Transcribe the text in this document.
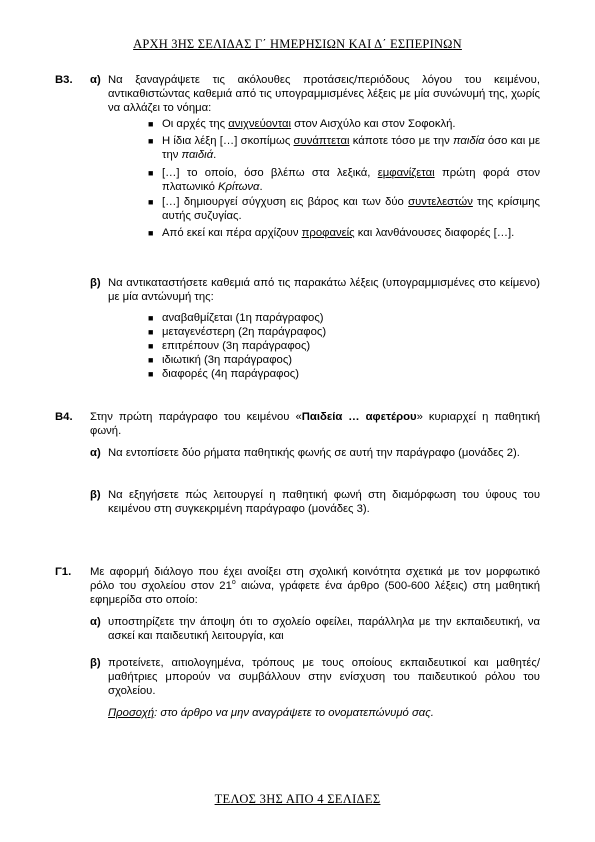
ΑΡΧΗ 3ΗΣ ΣΕΛΙΔΑΣ Γ΄ ΗΜΕΡΗΣΙΩΝ ΚΑΙ Δ΄ ΕΣΠΕΡΙΝΩΝ
Β3. α) Να ξαναγράψετε τις ακόλουθες προτάσεις/περιόδους λόγου του κειμένου, αντικαθιστώντας καθεμιά από τις υπογραμμισμένες λέξεις με μία συνώνυμή της, χωρίς να αλλάζει το νόημα:
■ Οι αρχές της ανιχνεύονται στον Αισχύλο και στον Σοφοκλή.
■ Η ίδια λέξη […] σκοπίμως συνάπτεται κάποτε τόσο με την παιδία όσο και με την παιδιά.
■ […] το οποίο, όσο βλέπω στα λεξικά, εμφανίζεται πρώτη φορά στον πλατωνικό Κρίτωνα.
■ […] δημιουργεί σύγχυση εις βάρος και των δύο συντελεστών της κρίσιμης αυτής συζυγίας.
■ Από εκεί και πέρα αρχίζουν προφανείς και λανθάνουσες διαφορές […].
β) Να αντικαταστήσετε καθεμιά από τις παρακάτω λέξεις (υπογραμμισμένες στο κείμενο) με μία αντώνυμή της:
■ αναβαθμίζεται (1η παράγραφος)
■ μεταγενέστερη (2η παράγραφος)
■ επιτρέπουν (3η παράγραφος)
■ ιδιωτική (3η παράγραφος)
■ διαφορές (4η παράγραφος)
Β4. Στην πρώτη παράγραφο του κειμένου «Παιδεία … αφετέρου» κυριαρχεί η παθητική φωνή.
α) Να εντοπίσετε δύο ρήματα παθητικής φωνής σε αυτή την παράγραφο (μονάδες 2).
β) Να εξηγήσετε πώς λειτουργεί η παθητική φωνή στη διαμόρφωση του ύφους του κειμένου στη συγκεκριμένη παράγραφο (μονάδες 3).
Γ1. Με αφορμή διάλογο που έχει ανοίξει στη σχολική κοινότητα σχετικά με τον μορφωτικό ρόλο του σχολείου στον $21^o$ αιώνα, γράφετε ένα άρθρο (500-600 λέξεις) στη μαθητική εφημερίδα στο οποίο:
α) υποστηρίζετε την άποψη ότι το σχολείο οφείλει, παράλληλα με την εκπαιδευτική, να ασκεί και παιδευτική λειτουργία, και
β) προτείνετε, αιτιολογημένα, τρόπους με τους οποίους εκπαιδευτικοί και μαθητές/μαθήτριες μπορούν να συμβάλλουν στην ενίσχυση του παιδευτικού ρόλου του σχολείου.
Προσοχή: στο άρθρο να μην αναγράψετε το ονοματεπώνυμό σας.
ΤΕΛΟΣ 3ΗΣ ΑΠΟ 4 ΣΕΛΙΔΕΣ
